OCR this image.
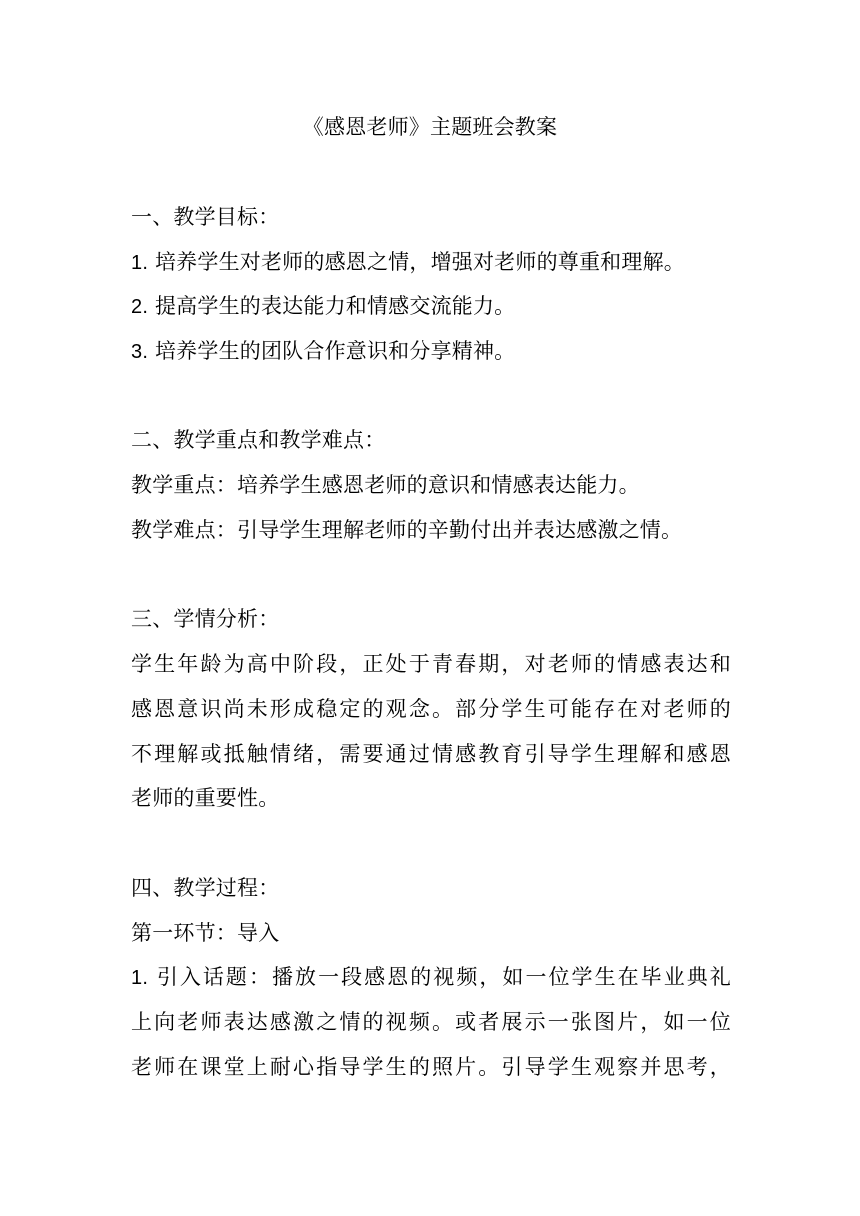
《感恩老师》主题班会教案
一、教学目标：
1. 培养学生对老师的感恩之情，增强对老师的尊重和理解。
2. 提高学生的表达能力和情感交流能力。
3. 培养学生的团队合作意识和分享精神。
二、教学重点和教学难点：
教学重点：培养学生感恩老师的意识和情感表达能力。
教学难点：引导学生理解老师的辛勤付出并表达感激之情。
三、学情分析：
学生年龄为高中阶段，正处于青春期，对老师的情感表达和
感恩意识尚未形成稳定的观念。部分学生可能存在对老师的
不理解或抵触情绪，需要通过情感教育引导学生理解和感恩
老师的重要性。
四、教学过程：
第一环节：导入
1. 引入话题：播放一段感恩的视频，如一位学生在毕业典礼
上向老师表达感激之情的视频。或者展示一张图片，如一位
老师在课堂上耐心指导学生的照片。引导学生观察并思考，
